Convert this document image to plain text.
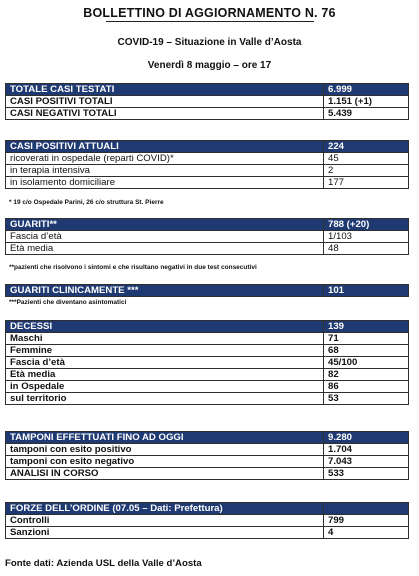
BOLLETTINO DI AGGIORNAMENTO N. 76
COVID-19 – Situazione in Valle d’Aosta
Venerdì 8 maggio – ore 17
TOTALE CASI TESTATI	6.999
CASI POSITIVI TOTALI	1.151 (+1)
CASI NEGATIVI TOTALI	5.439
CASI POSITIVI ATTUALI	224
ricoverati in ospedale (reparti COVID)*	45
in terapia intensiva	2
in isolamento domiciliare	177
* 19 c/o Ospedale Parini, 26 c/o struttura St. Pierre
GUARITI**	788 (+20)
Fascia d’età	1/103
Età media	48
**pazienti che risolvono i sintomi e che risultano negativi in due test consecutivi
GUARITI CLINICAMENTE ***	101
***Pazienti che diventano asintomatici
DECESSI	139
Maschi	71
Femmine	68
Fascia d’età	45/100
Età media	82
in Ospedale	86
sul territorio	53
TAMPONI EFFETTUATI FINO AD OGGI	9.280
tamponi con esito positivo	1.704
tamponi con esito negativo	7.043
ANALISI IN CORSO	533
FORZE DELL’ORDINE (07.05 – Dati: Prefettura)	
Controlli	799
Sanzioni	4
Fonte dati: Azienda USL della Valle d’Aosta
